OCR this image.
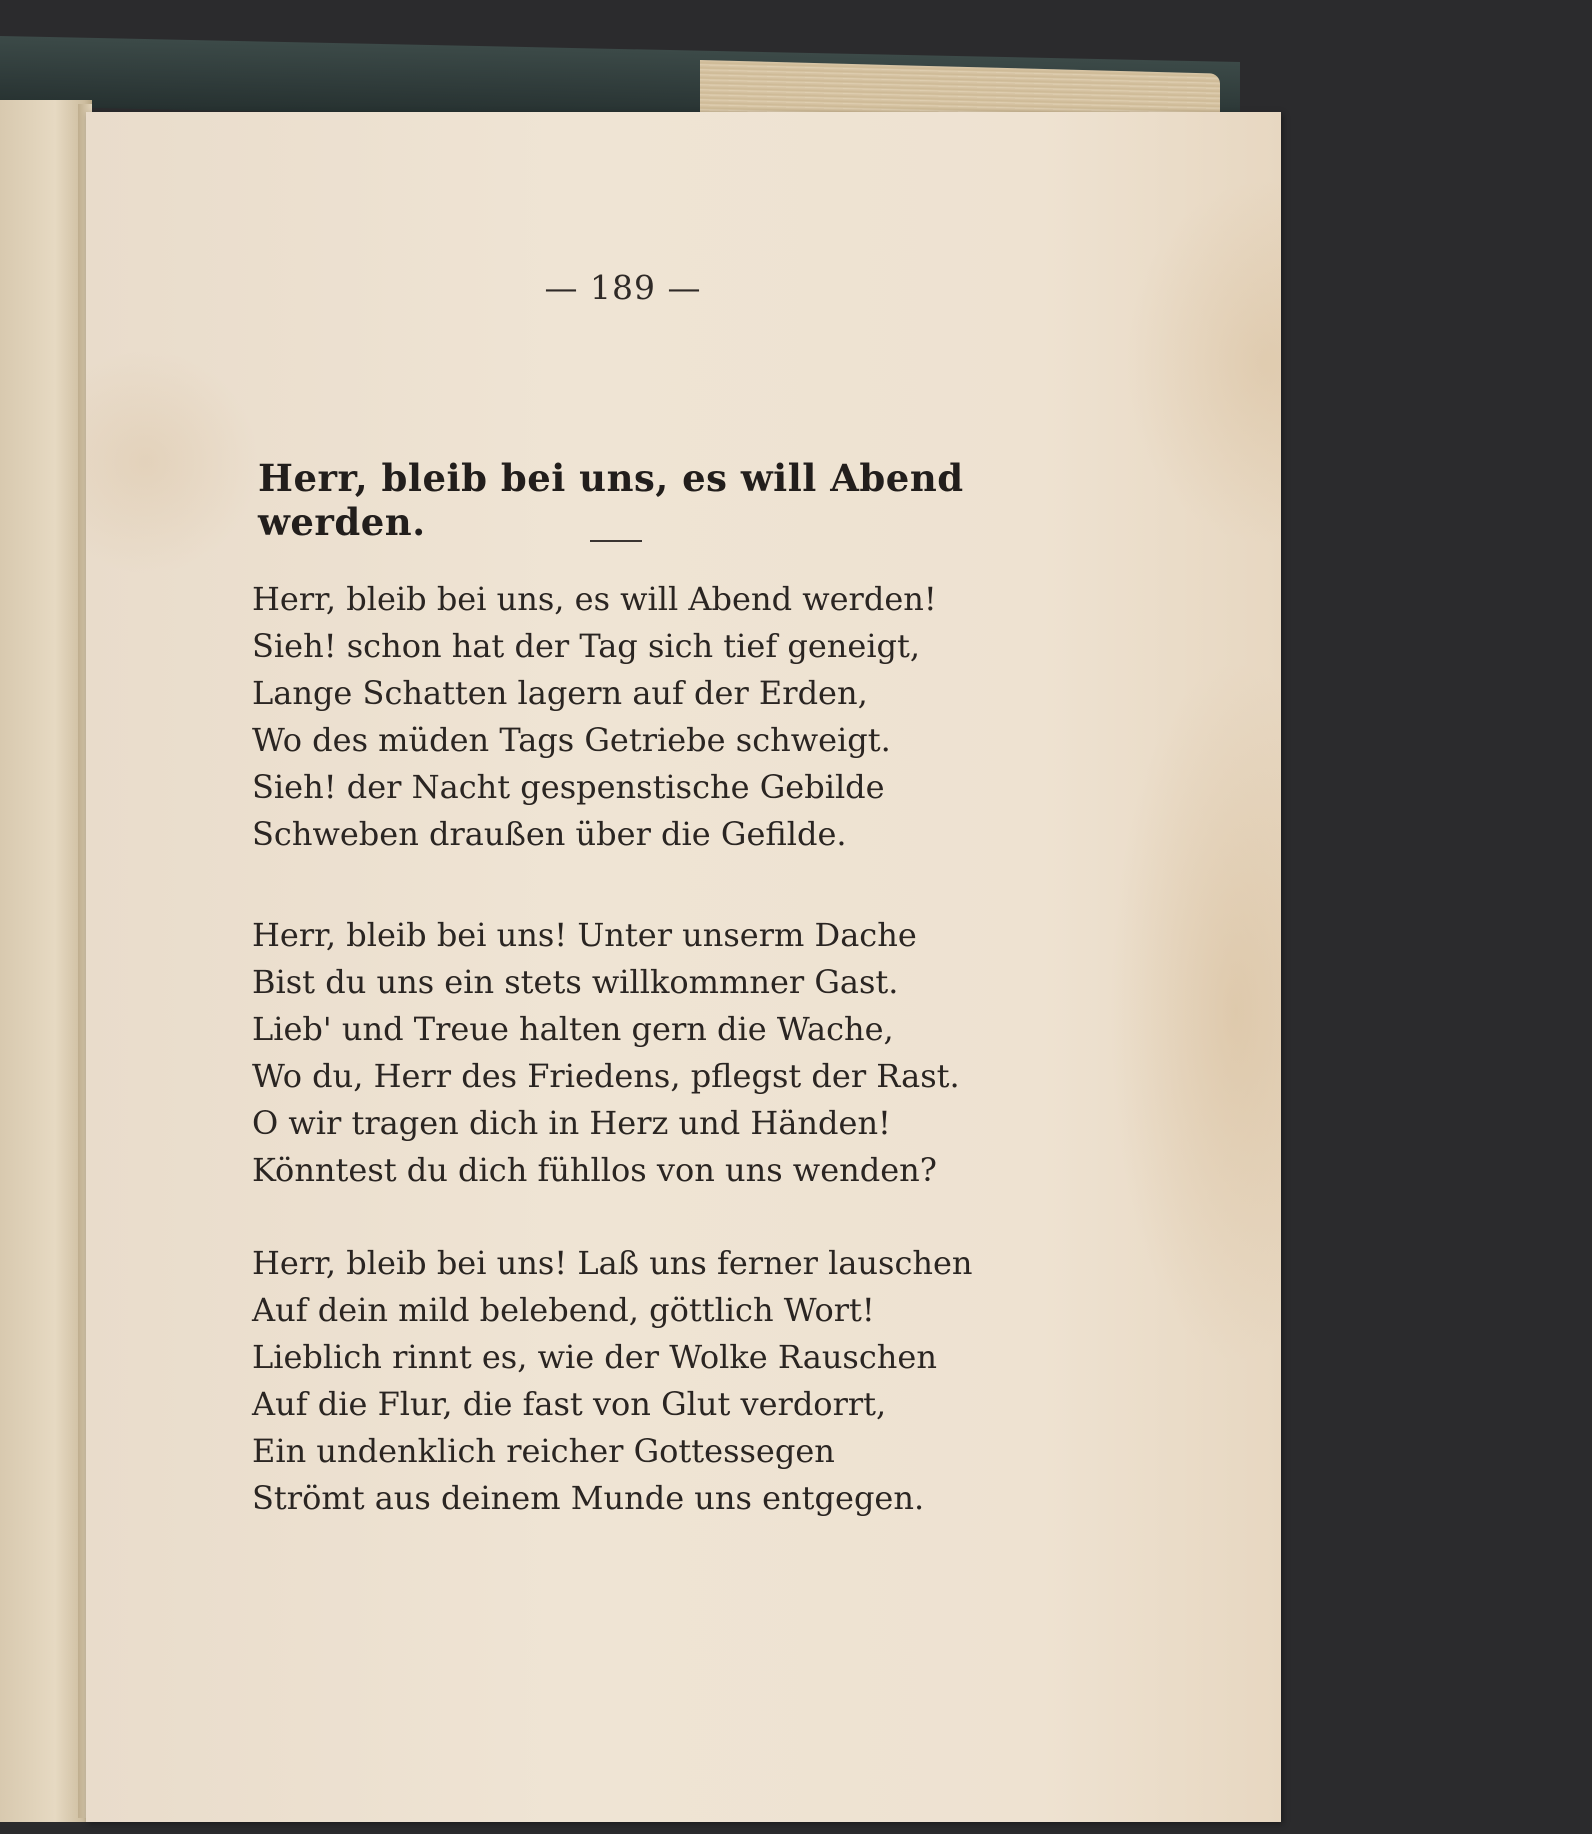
— 189 —
Herr, bleib bei uns, es will Abend werden.
Herr, bleib bei uns, es will Abend werden!
Sieh! schon hat der Tag sich tief geneigt,
Lange Schatten lagern auf der Erden,
Wo des müden Tags Getriebe schweigt.
Sieh! der Nacht gespenstische Gebilde
Schweben draußen über die Gefilde.
Herr, bleib bei uns! Unter unserm Dache
Bist du uns ein stets willkommner Gast.
Lieb' und Treue halten gern die Wache,
Wo du, Herr des Friedens, pflegst der Rast.
O wir tragen dich in Herz und Händen!
Könntest du dich fühllos von uns wenden?
Herr, bleib bei uns! Laß uns ferner lauschen
Auf dein mild belebend, göttlich Wort!
Lieblich rinnt es, wie der Wolke Rauschen
Auf die Flur, die fast von Glut verdorrt,
Ein undenklich reicher Gottessegen
Strömt aus deinem Munde uns entgegen.
